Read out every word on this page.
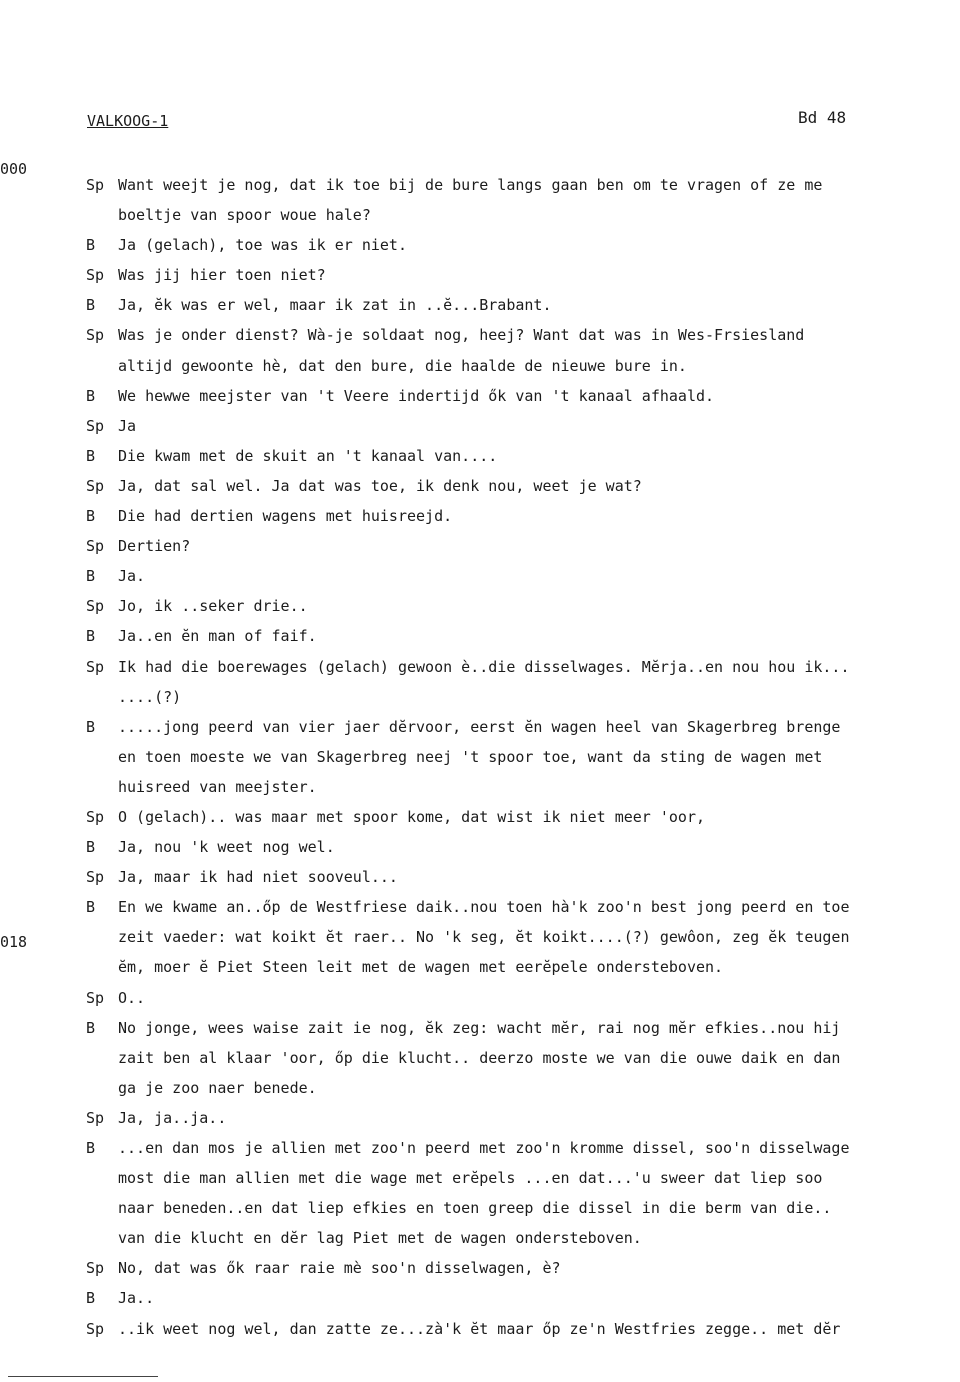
VALKOOG-1	Bd 48
000
018
Sp Want weejt je nog, dat ik toe bij de bure langs gaan ben om te vragen of ze me
boeltje van spoor woue hale?
B	Ja (gelach), toe was ik er niet.
Sp Was jij hier toen niet?
B	Ja, ĕk was er wel, maar ik zat in ..ĕ...Brabant.
Sp Was je onder dienst? Wà-je soldaat nog, heej? Want dat was in Wes-Frsiesland
altijd gewoonte hè, dat den bure, die haalde de nieuwe bure in.
B	We hewwe meejster van 't Veere indertijd ők van 't kanaal afhaald.
Sp Ja
B	Die kwam met de skuit an 't kanaal van....
Sp Ja, dat sal wel. Ja dat was toe, ik denk nou, weet je wat?
B	Die had dertien wagens met huisreejd.
Sp Dertien?
B	Ja.
Sp Jo, ik ..seker drie..
B	Ja..en ĕn man of faif.
Sp Ik had die boerewages (gelach) gewoon è..die disselwages. Mĕrja..en nou hou ik...
....(?)
B	.....jong peerd van vier jaer dĕrvoor, eerst ĕn wagen heel van Skagerbreg brenge
en toen moeste we van Skagerbreg neej 't spoor toe, want da sting de wagen met
huisreed van meejster.
Sp O (gelach).. was maar met spoor kome, dat wist ik niet meer 'oor,
B	Ja, nou 'k weet nog wel.
Sp Ja, maar ik had niet sooveul...
B	En we kwame an..őp de Westfriese daik..nou toen hà'k zoo'n best jong peerd en toe
zeit vaeder: wat koikt ĕt raer.. No 'k seg, ĕt koikt....(?) gewôon, zeg ĕk teugen
ĕm, moer ĕ Piet Steen leit met de wagen met eerĕpele ondersteboven.
Sp O..
B	No jonge, wees waise zait ie nog, ĕk zeg: wacht mĕr, rai nog mĕr efkies..nou hij
zait ben al klaar 'oor, őp die klucht.. deerzo moste we van die ouwe daik en dan
ga je zoo naer benede.
Sp Ja, ja..ja..
B	...en dan mos je allien met zoo'n peerd met zoo'n kromme dissel, soo'n disselwage
most die man allien met die wage met erĕpels ...en dat...'u sweer dat liep soo
naar beneden..en dat liep efkies en toen greep die dissel in die berm van die..
van die klucht en dĕr lag Piet met de wagen ondersteboven.
Sp No, dat was ők raar raie mè soo'n disselwagen, è?
B	Ja..
Sp ..ik weet nog wel, dan zatte ze...zà'k ĕt maar őp ze'n Westfries zegge.. met dĕr
